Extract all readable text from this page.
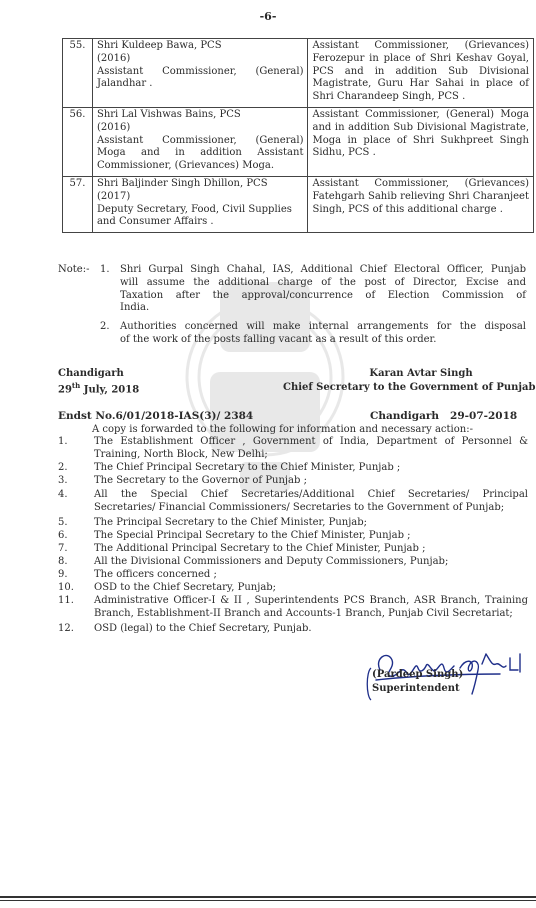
-6-
55.	Shri Kuldeep Bawa, PCS
(2016)
Assistant Commissioner, (General)
Jalandhar .	Assistant Commissioner, (Grievances)
Ferozepur in place of Shri Keshav Goyal,
PCS and in addition Sub Divisional
Magistrate, Guru Har Sahai in place of
Shri Charandeep Singh, PCS .

56.	Shri Lal Vishwas Bains, PCS
(2016)
Assistant Commissioner, (General)
Moga and in addition Assistant
Commissioner, (Grievances) Moga.	Assistant Commissioner, (General) Moga
and in addition Sub Divisional Magistrate,
Moga in place of Shri Sukhpreet Singh
Sidhu, PCS .

57.	Shri Baljinder Singh Dhillon, PCS
(2017)
Deputy Secretary, Food, Civil Supplies
and Consumer Affairs .	Assistant Commissioner, (Grievances)
Fatehgarh Sahib relieving Shri Charanjeet
Singh, PCS of this additional charge .
Note:- 1. Shri Gurpal Singh Chahal, IAS, Additional Chief Electoral Officer, Punjab
will assume the additional charge of the post of Director, Excise and
Taxation after the approval/concurrence of Election Commission of
India.
2. Authorities concerned will make internal arrangements for the disposal
of the work of the posts falling vacant as a result of this order.
Chandigarh
29th July, 2018
Karan Avtar Singh
Chief Secretary to the Government of Punjab
Endst No.6/01/2018-IAS(3)/ 2384	Chandigarh   29-07-2018
A copy is forwarded to the following for information and necessary action:-
1.	The Establishment Officer , Government of India, Department of Personnel &
Training, North Block, New Delhi;
2.	The Chief Principal Secretary to the Chief Minister, Punjab ;
3.	The Secretary to the Governor of Punjab ;
4.	All the Special Chief Secretaries/Additional Chief Secretaries/ Principal
Secretaries/ Financial Commissioners/ Secretaries to the Government of Punjab;
5.	The Principal Secretary to the Chief Minister, Punjab;
6.	The Special Principal Secretary to the Chief Minister, Punjab ;
7.	The Additional Principal Secretary to the Chief Minister, Punjab ;
8.	All the Divisional Commissioners and Deputy Commissioners, Punjab;
9.	The officers concerned ;
10. OSD to the Chief Secretary, Punjab;
11. Administrative Officer-I & II , Superintendents PCS Branch, ASR Branch, Training
Branch, Establishment-II Branch and Accounts-1 Branch, Punjab Civil Secretariat;
12. OSD (legal) to the Chief Secretary, Punjab.
(Pardeep Singh)
Superintendent
